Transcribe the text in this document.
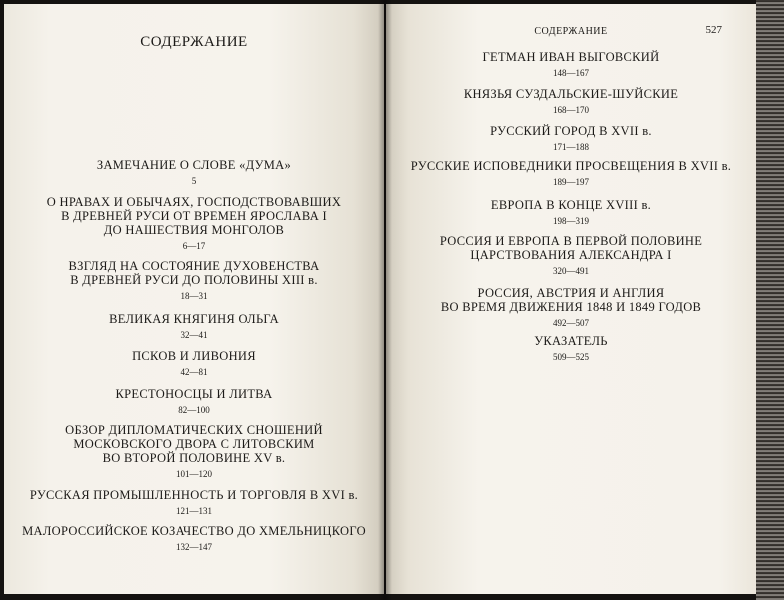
СОДЕРЖАНИЕ
ЗАМЕЧАНИЕ О СЛОВЕ «ДУМА»
5
О НРАВАХ И ОБЫЧАЯХ, ГОСПОДСТВОВАВШИХ
В ДРЕВНЕЙ РУСИ ОТ ВРЕМЕН ЯРОСЛАВА I
ДО НАШЕСТВИЯ МОНГОЛОВ
6—17
ВЗГЛЯД НА СОСТОЯНИЕ ДУХОВЕНСТВА
В ДРЕВНЕЙ РУСИ ДО ПОЛОВИНЫ XIII в.
18—31
ВЕЛИКАЯ КНЯГИНЯ ОЛЬГА
32—41
ПСКОВ И ЛИВОНИЯ
42—81
КРЕСТОНОСЦЫ И ЛИТВА
82—100
ОБЗОР ДИПЛОМАТИЧЕСКИХ СНОШЕНИЙ
МОСКОВСКОГО ДВОРА С ЛИТОВСКИМ
ВО ВТОРОЙ ПОЛОВИНЕ XV в.
101—120
РУССКАЯ ПРОМЫШЛЕННОСТЬ И ТОРГОВЛЯ В XVI в.
121—131
МАЛОРОССИЙСКОЕ КОЗАЧЕСТВО ДО ХМЕЛЬНИЦКОГО
132—147
СОДЕРЖАНИЕ	527
ГЕТМАН ИВАН ВЫГОВСКИЙ
148—167
КНЯЗЬЯ СУЗДАЛЬСКИЕ-ШУЙСКИЕ
168—170
РУССКИЙ ГОРОД В XVII в.
171—188
РУССКИЕ ИСПОВЕДНИКИ ПРОСВЕЩЕНИЯ В XVII в.
189—197
ЕВРОПА В КОНЦЕ XVIII в.
198—319
РОССИЯ И ЕВРОПА В ПЕРВОЙ ПОЛОВИНЕ
ЦАРСТВОВАНИЯ АЛЕКСАНДРА I
320—491
РОССИЯ, АВСТРИЯ И АНГЛИЯ
ВО ВРЕМЯ ДВИЖЕНИЯ 1848 И 1849 ГОДОВ
492—507
УКАЗАТЕЛЬ
509—525
